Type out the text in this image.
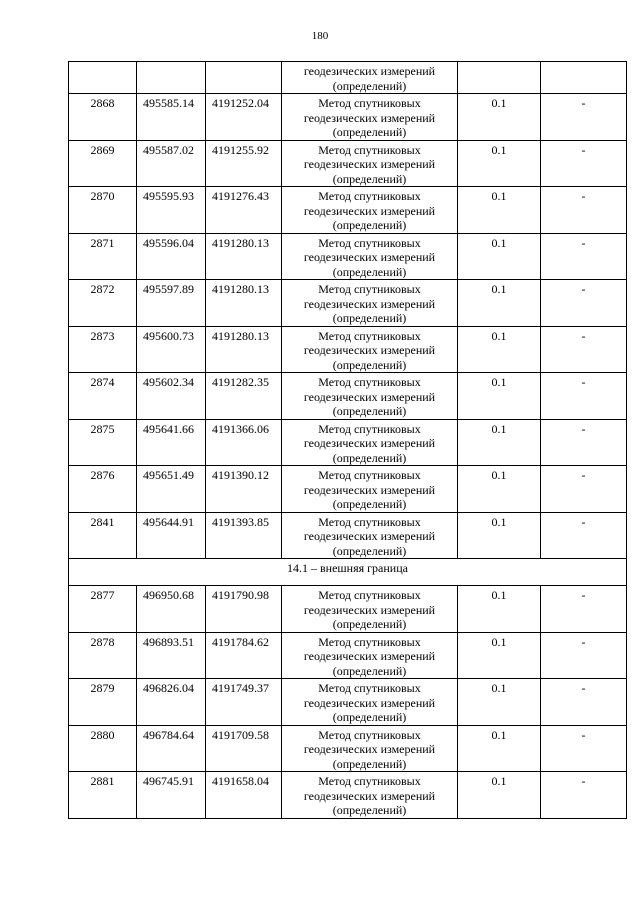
180
			геодезических измерений (определений)		
2868	495585.14	4191252.04	Метод спутниковых геодезических измерений (определений)	0.1	-
2869	495587.02	4191255.92	Метод спутниковых геодезических измерений (определений)	0.1	-
2870	495595.93	4191276.43	Метод спутниковых геодезических измерений (определений)	0.1	-
2871	495596.04	4191280.13	Метод спутниковых геодезических измерений (определений)	0.1	-
2872	495597.89	4191280.13	Метод спутниковых геодезических измерений (определений)	0.1	-
2873	495600.73	4191280.13	Метод спутниковых геодезических измерений (определений)	0.1	-
2874	495602.34	4191282.35	Метод спутниковых геодезических измерений (определений)	0.1	-
2875	495641.66	4191366.06	Метод спутниковых геодезических измерений (определений)	0.1	-
2876	495651.49	4191390.12	Метод спутниковых геодезических измерений (определений)	0.1	-
2841	495644.91	4191393.85	Метод спутниковых геодезических измерений (определений)	0.1	-
14.1 – внешняя граница					
2877	496950.68	4191790.98	Метод спутниковых геодезических измерений (определений)	0.1	-
2878	496893.51	4191784.62	Метод спутниковых геодезических измерений (определений)	0.1	-
2879	496826.04	4191749.37	Метод спутниковых геодезических измерений (определений)	0.1	-
2880	496784.64	4191709.58	Метод спутниковых геодезических измерений (определений)	0.1	-
2881	496745.91	4191658.04	Метод спутниковых геодезических измерений (определений)	0.1	-
